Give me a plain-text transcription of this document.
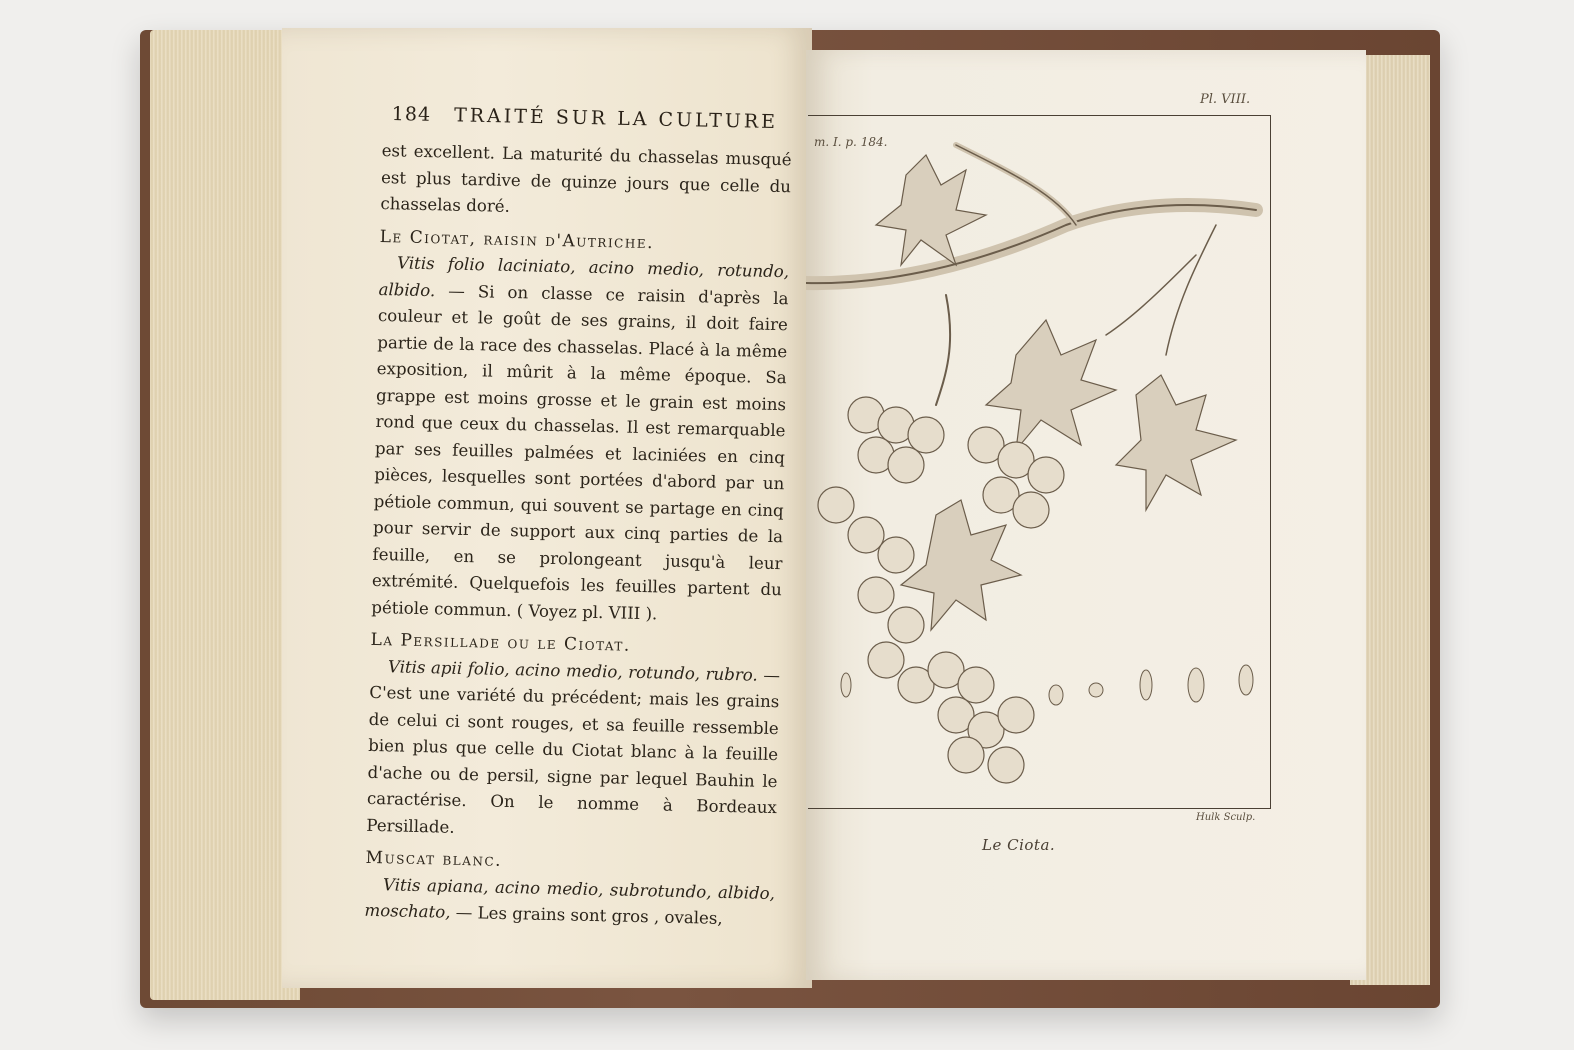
184 TRAITÉ SUR LA CULTURE

est excellent. La maturité du chasselas musqué est plus tardive de quinze jours que celle du chasselas doré.

Le Ciotat, raisin d'Autriche.

Vitis folio laciniato, acino medio, rotundo, albido. — Si on classe ce raisin d'après la couleur et le goût de ses grains, il doit faire partie de la race des chasselas. Placé à la même exposition, il mûrit à la même époque. Sa grappe est moins grosse et le grain est moins rond que ceux du chasselas. Il est remarquable par ses feuilles palmées et laciniées en cinq pièces, lesquelles sont portées d'abord par un pétiole commun, qui souvent se partage en cinq pour servir de support aux cinq parties de la feuille, en se prolongeant jusqu'à leur extrémité. Quelquefois les feuilles partent du pétiole commun. ( Voyez pl. VIII ).

La Persillade ou le Ciotat.

Vitis apii folio, acino medio, rotundo, rubro. — C'est une variété du précédent; mais les grains de celui ci sont rouges, et sa feuille ressemble bien plus que celle du Ciotat blanc à la feuille d'ache ou de persil, signe par lequel Bauhin le caractérise. On le nomme à Bordeaux Persillade.

Muscat blanc.

Vitis apiana, acino medio, subrotundo, albido, moschato, — Les grains sont gros , ovales,

Pl. VIII.
m. I. p. 184.
Hulk Sculp.
Le Ciota.
